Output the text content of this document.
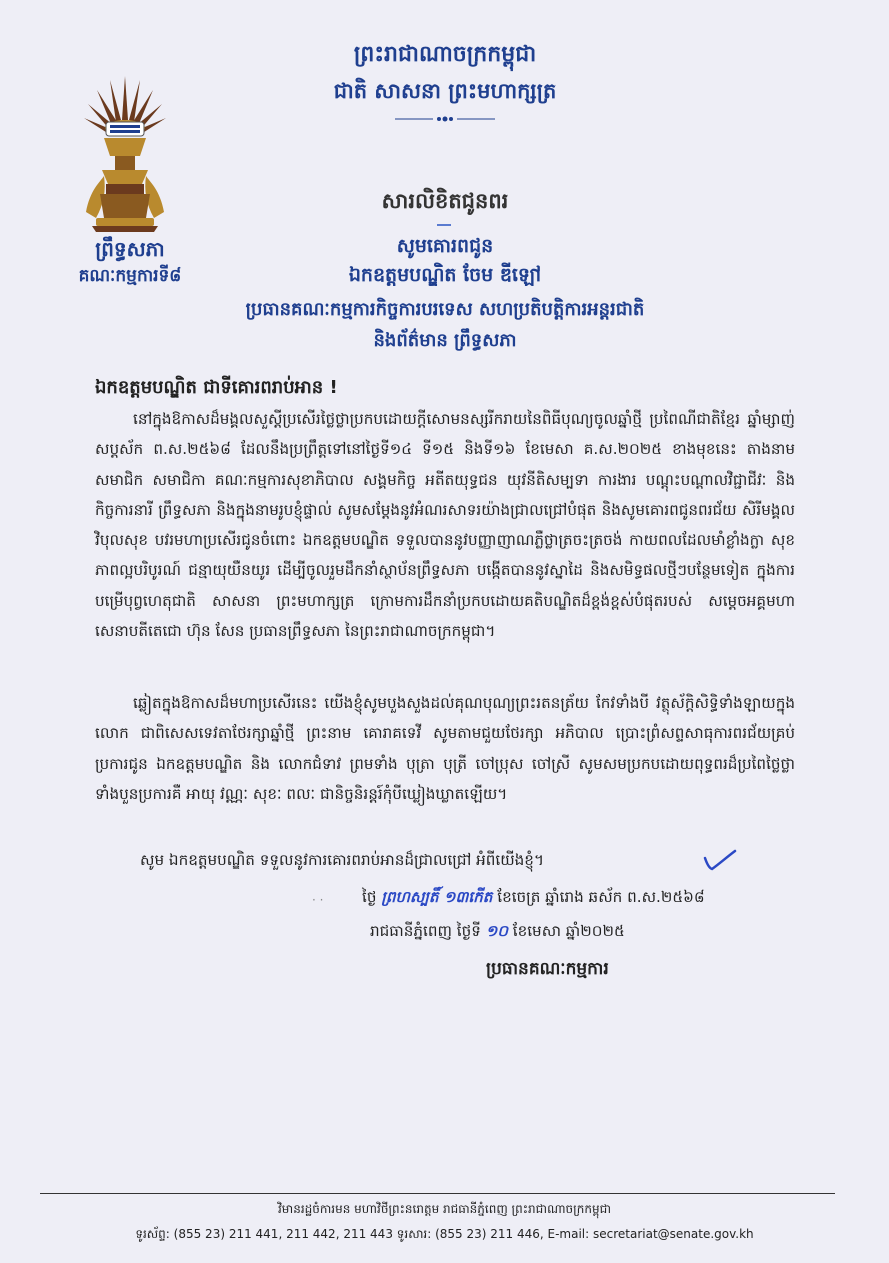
ព្រះរាជាណាចក្រកម្ពុជា
ជាតិ សាសនា ព្រះមហាក្សត្រ
ព្រឹទ្ធសភា
គណៈកម្មការទី៨
សារលិខិតជូនពរ
សូមគោរពជូន
ឯកឧត្តមបណ្ឌិត ចែម ឌីឡៅ
ប្រធានគណៈកម្មការកិច្ចការបរទេស សហប្រតិបត្តិការអន្តរជាតិ
និងព័ត៌មាន ព្រឹទ្ធសភា
ឯកឧត្តមបណ្ឌិត ជាទីគោរពរាប់អាន !
នៅក្នុងឱកាសដ៏មង្គលសួស្តីប្រសើរថ្លៃថ្លាប្រកបដោយក្តីសោមនស្សរីករាយនៃពិធីបុណ្យចូលឆ្នាំថ្មី ប្រពៃណីជាតិខ្មែរ ឆ្នាំម្សាញ់ សប្តស័ក ព.ស.២៥៦៨ ដែលនឹងប្រព្រឹត្តទៅនៅថ្ងៃទី១៤ ទី១៥ និងទី១៦ ខែមេសា គ.ស.២០២៥ ខាងមុខនេះ តាងនាមសមាជិក សមាជិកា គណៈកម្មការសុខាភិបាល សង្គមកិច្ច អតីតយុទ្ធជន យុវនីតិសម្បទា ការងារ បណ្តុះបណ្តាលវិជ្ជាជីវៈ និងកិច្ចការនារី ព្រឹទ្ធសភា និងក្នុងនាមរូបខ្ញុំផ្ទាល់ សូមសម្តែងនូវអំណរសាទរយ៉ាងជ្រាលជ្រៅបំផុត និងសូមគោរពជូនពរជ័យ សិរីមង្គលវិបុលសុខ បវរមហាប្រសើរជូនចំពោះ ឯកឧត្តមបណ្ឌិត ទទួលបាននូវបញ្ញាញាណភ្លឺថ្លាត្រចះត្រចង់ កាយពលដែលមាំខ្លាំងក្លា សុខភាពល្អបរិបូរណ៍ ជន្មាយុយឺនយូរ ដើម្បីចូលរួមដឹកនាំស្ថាប័នព្រឹទ្ធសភា បង្កើតបាននូវស្នាដៃ និងសមិទ្ធផលថ្មីៗបន្ថែមទៀត ក្នុងការបម្រើបុព្វហេតុជាតិ សាសនា ព្រះមហាក្សត្រ ក្រោមការដឹកនាំប្រកបដោយគតិបណ្ឌិតដ៏ខ្ពង់ខ្ពស់បំផុតរបស់ សម្តេចអគ្គមហាសេនាបតីតេជោ ហ៊ុន សែន ប្រធានព្រឹទ្ធសភា នៃព្រះរាជាណាចក្រកម្ពុជា។
ឆ្លៀតក្នុងឱកាសដ៏មហាប្រសើរនេះ យើងខ្ញុំសូមបួងសួងដល់គុណបុណ្យព្រះរតនត្រ័យ កែវទាំងបី វត្ថុស័ក្តិសិទ្ធិទាំងឡាយក្នុងលោក ជាពិសេសទេវតាថែរក្សាឆ្នាំថ្មី ព្រះនាម គោរាគទេវី សូមតាមជួយថែរក្សា អភិបាល ប្រោះព្រំសព្ទសាធុការពរជ័យគ្រប់ប្រការជូន ឯកឧត្តមបណ្ឌិត និង លោកជំទាវ ព្រមទាំង បុត្រា បុត្រី ចៅប្រុស ចៅស្រី សូមសមប្រកបដោយពុទ្ធពរដ៏ប្រពៃថ្លៃថ្លាទាំងបួនប្រការគឺ អាយុ វណ្ណៈ សុខៈ ពលៈ ជានិច្ចនិរន្តរ៍កុំបីឃ្លៀងឃ្លាតឡើយ។
សូម ឯកឧត្តមបណ្ឌិត ទទួលនូវការគោរពរាប់អានដ៏ជ្រាលជ្រៅ អំពីយើងខ្ញុំ។
· ·	ថ្ងៃ ព្រហស្បតិ៍ ១៣កើត ខែចេត្រ ឆ្នាំរោង ឆស័ក ព.ស.២៥៦៨
រាជធានីភ្នំពេញ ថ្ងៃទី ១០ ខែមេសា ឆ្នាំ២០២៥
ប្រធានគណៈកម្មការ
វិមានរដ្ឋចំការមន មហាវិថីព្រះនរោត្តម រាជធានីភ្នំពេញ ព្រះរាជាណាចក្រកម្ពុជា
ទូរស័ព្ទ: (855 23) 211 441, 211 442, 211 443 ទូរសារ: (855 23) 211 446, E-mail: secretariat@senate.gov.kh
